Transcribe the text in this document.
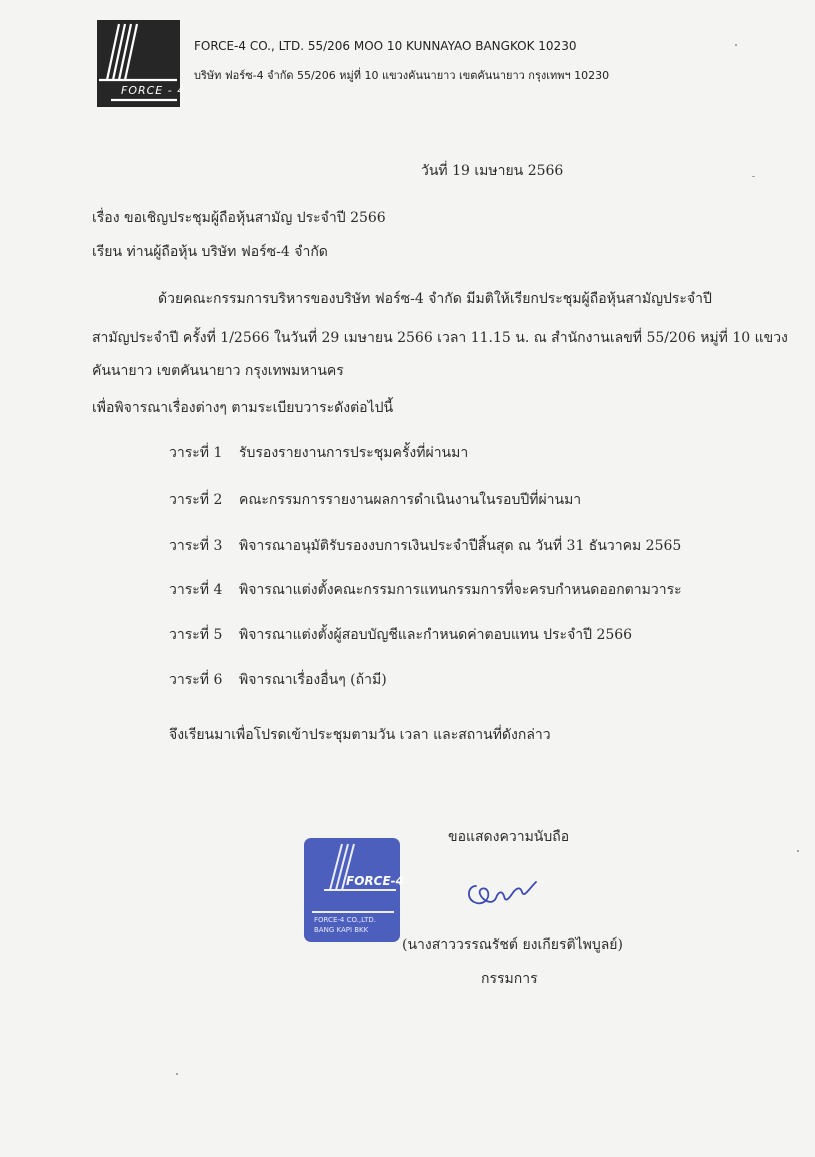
FORCE - 4
FORCE-4 CO., LTD. 55/206 MOO 10 KUNNAYAO BANGKOK 10230
บริษัท ฟอร์ซ-4 จำกัด 55/206 หมู่ที่ 10 แขวงคันนายาว เขตคันนายาว กรุงเทพฯ 10230
วันที่ 19 เมษายน 2566
เรื่อง ขอเชิญประชุมผู้ถือหุ้นสามัญ ประจำปี 2566
เรียน ท่านผู้ถือหุ้น บริษัท ฟอร์ซ-4 จำกัด
ด้วยคณะกรรมการบริหารของบริษัท ฟอร์ซ-4 จำกัด มีมติให้เรียกประชุมผู้ถือหุ้นสามัญประจำปี
สามัญประจำปี ครั้งที่ 1/2566 ในวันที่ 29 เมษายน 2566 เวลา 11.15 น. ณ สำนักงานเลขที่ 55/206 หมู่ที่ 10 แขวง
คันนายาว เขตคันนายาว กรุงเทพมหานคร
เพื่อพิจารณาเรื่องต่างๆ ตามระเบียบวาระดังต่อไปนี้
วาระที่ 1 รับรองรายงานการประชุมครั้งที่ผ่านมา
วาระที่ 2 คณะกรรมการรายงานผลการดำเนินงานในรอบปีที่ผ่านมา
วาระที่ 3 พิจารณาอนุมัติรับรองงบการเงินประจำปีสิ้นสุด ณ วันที่ 31 ธันวาคม 2565
วาระที่ 4 พิจารณาแต่งตั้งคณะกรรมการแทนกรรมการที่จะครบกำหนดออกตามวาระ
วาระที่ 5 พิจารณาแต่งตั้งผู้สอบบัญชีและกำหนดค่าตอบแทน ประจำปี 2566
วาระที่ 6 พิจารณาเรื่องอื่นๆ (ถ้ามี)
จึงเรียนมาเพื่อโปรดเข้าประชุมตามวัน เวลา และสถานที่ดังกล่าว
ขอแสดงความนับถือ
FORCE-4
FORCE-4 CO.,LTD.
BANG KAPI BKK
(นางสาววรรณรัชต์ ยงเกียรติไพบูลย์)
กรรมการ
